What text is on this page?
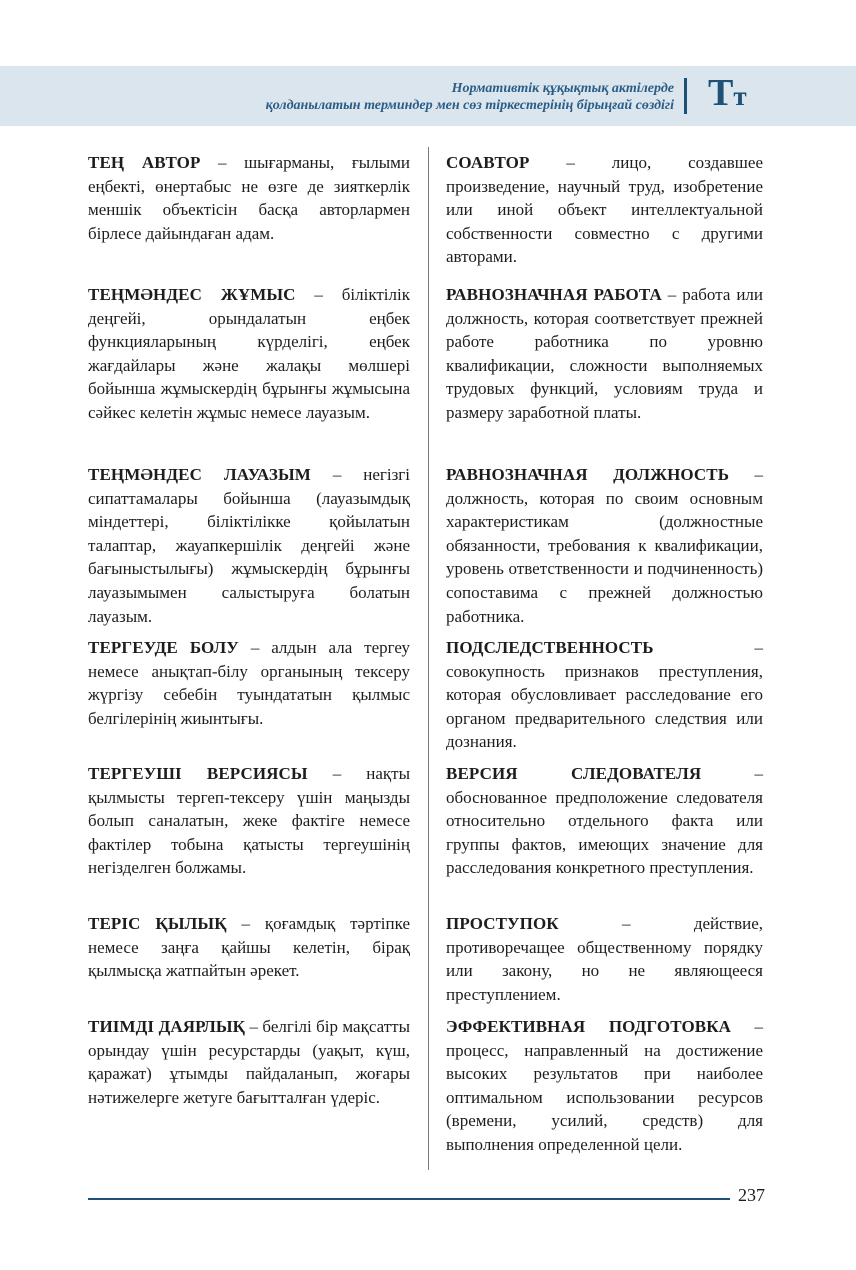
Нормативтік құқықтық актілерде
қолданылатын терминдер мен сөз тіркестерінің бірыңғай сөздігі Тт
ТЕҢ АВТОР – шығарманы, ғылыми еңбекті, өнертабыс не өзге де зияткерлік меншік объектісін басқа авторлармен бірлесе дайындаған адам.
СОАВТОР – лицо, создавшее произведение, научный труд, изобретение или иной объект интеллектуальной собственности совместно с другими авторами.
ТЕҢМӘНДЕС ЖҰМЫС – біліктілік деңгейі, орындалатын еңбек функцияларының күрделігі, еңбек жағдайлары және жалақы мөлшері бойынша жұмыскердің бұрынғы жұмысына сәйкес келетін жұмыс немесе лауазым.
РАВНОЗНАЧНАЯ РАБОТА – работа или должность, которая соответствует прежней работе работника по уровню квалификации, сложности выполняемых трудовых функций, условиям труда и размеру заработной платы.
ТЕҢМӘНДЕС ЛАУАЗЫМ – негізгі сипаттамалары бойынша (лауазымдық міндеттері, біліктілікке қойылатын талаптар, жауапкершілік деңгейі және бағыныстылығы) жұмыскердің бұрынғы лауазымымен салыстыруға болатын лауазым.
РАВНОЗНАЧНАЯ ДОЛЖНОСТЬ – должность, которая по своим основным характеристикам (должностные обязанности, требования к квалификации, уровень ответственности и подчиненность) сопоставима с прежней должностью работника.
ТЕРГЕУДЕ БОЛУ – алдын ала тергеу немесе анықтап-білу органының тексеру жүргізу себебін туындататын қылмыс белгілерінің жиынтығы.
ПОДСЛЕДСТВЕННОСТЬ – совокупность признаков преступления, которая обусловливает расследование его органом предварительного следствия или дознания.
ТЕРГЕУШІ ВЕРСИЯСЫ – нақты қылмысты тергеп-тексеру үшін маңызды болып саналатын, жеке фактіге немесе фактілер тобына қатысты тергеушінің негізделген болжамы.
ВЕРСИЯ СЛЕДОВАТЕЛЯ – обоснованное предположение следователя относительно отдельного факта или группы фактов, имеющих значение для расследования конкретного преступления.
ТЕРІС ҚЫЛЫҚ – қоғамдық тәртіпке немесе заңға қайшы келетін, бірақ қылмысқа жатпайтын әрекет.
ПРОСТУПОК – действие, противоречащее общественному порядку или закону, но не являющееся преступлением.
ТИІМДІ ДАЯРЛЫҚ – белгілі бір мақсатты орындау үшін ресурстарды (уақыт, күш, қаражат) ұтымды пайдаланып, жоғары нәтижелерге жетуге бағытталған үдеріс.
ЭФФЕКТИВНАЯ ПОДГОТОВКА – процесс, направленный на достижение высоких результатов при наиболее оптимальном использовании ресурсов (времени, усилий, средств) для выполнения определенной цели.
237
